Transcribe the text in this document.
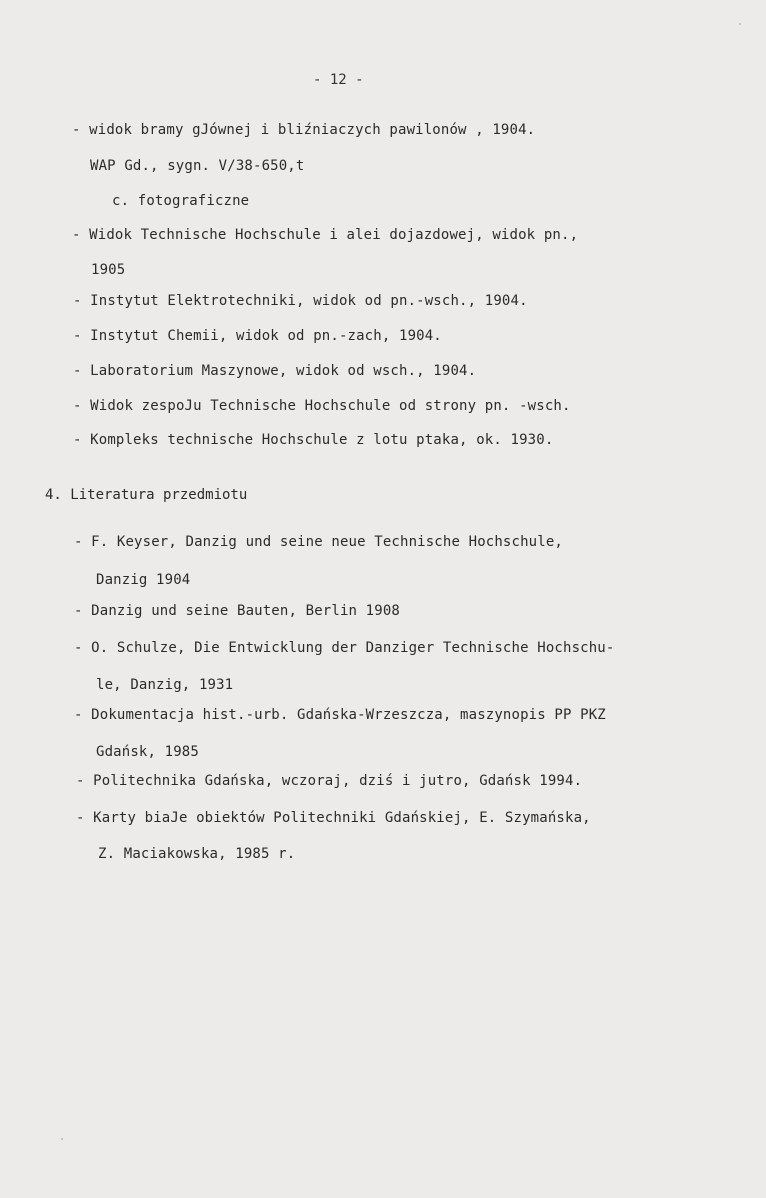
- 12 -
- widok bramy gJównej i bliźniaczych pawilonów , 1904.
WAP Gd., sygn. V/38-650,t
c. fotograficzne
- Widok Technische Hochschule i alei dojazdowej, widok pn.,
1905
- Instytut Elektrotechniki, widok od pn.-wsch., 1904.
- Instytut Chemii, widok od pn.-zach, 1904.
- Laboratorium Maszynowe, widok od wsch., 1904.
- Widok zespoJu Technische Hochschule od strony pn. -wsch.
- Kompleks technische Hochschule z lotu ptaka, ok. 1930.
4. Literatura przedmiotu
- F. Keyser, Danzig und seine neue Technische Hochschule,
Danzig 1904
- Danzig und seine Bauten, Berlin 1908
- O. Schulze, Die Entwicklung der Danziger Technische Hochschu-
le, Danzig, 1931
- Dokumentacja hist.-urb. Gdańska-Wrzeszcza, maszynopis PP PKZ
Gdańsk, 1985
- Politechnika Gdańska, wczoraj, dziś i jutro, Gdańsk 1994.
- Karty biaJe obiektów Politechniki Gdańskiej, E. Szymańska,
Z. Maciakowska, 1985 r.
